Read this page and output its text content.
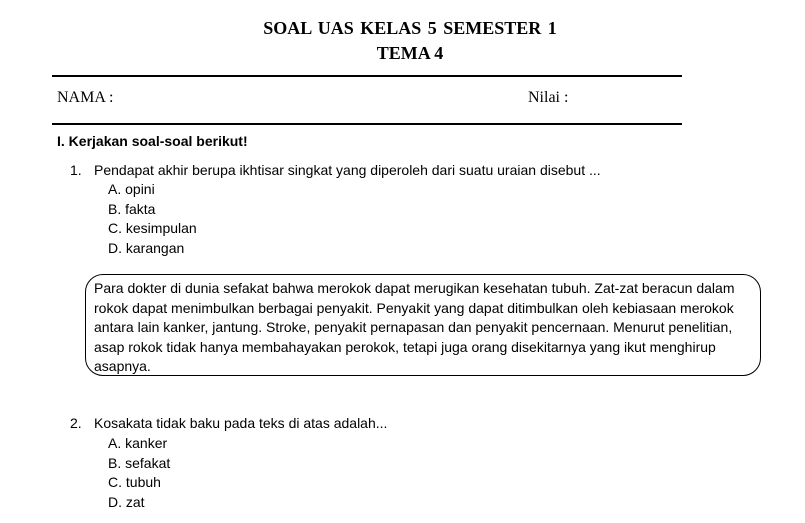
SOAL UAS KELAS 5 SEMESTER 1
TEMA 4
NAMA :	Nilai :
I. Kerjakan soal-soal berikut!
1. Pendapat akhir berupa ikhtisar singkat yang diperoleh dari suatu uraian disebut ...
A. opini
B. fakta
C. kesimpulan
D. karangan
Para dokter di dunia sefakat bahwa merokok dapat merugikan kesehatan tubuh. Zat-zat beracun dalam rokok dapat menimbulkan berbagai penyakit. Penyakit yang dapat ditimbulkan oleh kebiasaan merokok antara lain kanker, jantung. Stroke, penyakit pernapasan dan penyakit pencernaan. Menurut penelitian, asap rokok tidak hanya membahayakan perokok, tetapi juga orang disekitarnya yang ikut menghirup asapnya.
2. Kosakata tidak baku pada teks di atas adalah...
A. kanker
B. sefakat
C. tubuh
D. zat
